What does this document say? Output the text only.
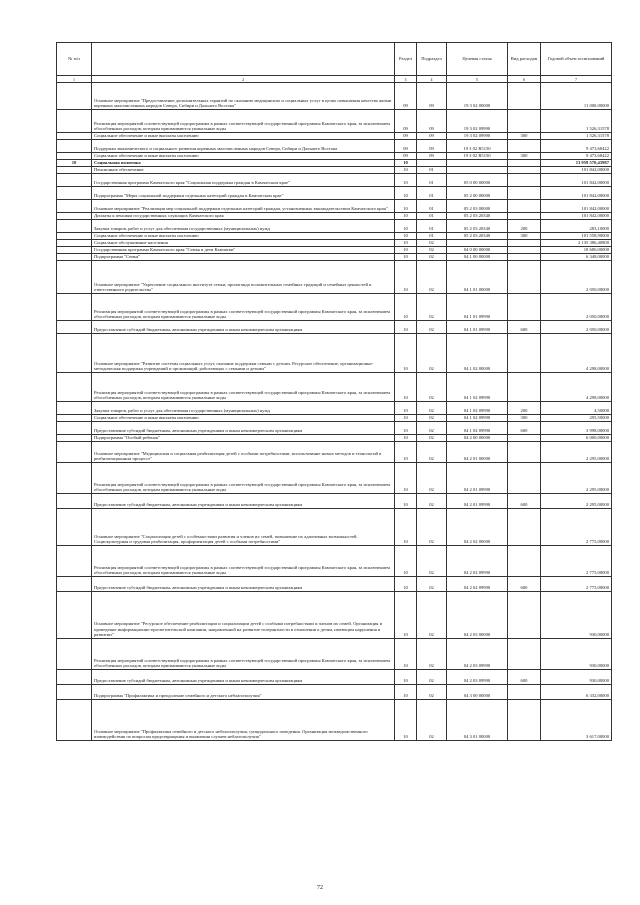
№ п/п		Раздел	Подраздел	Целевая статья	Вид расходов	Годовой объем ассигнований
1	2	3	4	5	6	7
	Основное мероприятие "Предоставление дополнительных гарантий по оказанию медицинских и социальных услуг в целях повышения качества жизни коренных малочисленных народов Севера, Сибири и Дальнего Востока"	09	09	19 3 02 00000		11 000,00000
	Реализация мероприятий соответствующей подпрограммы в рамках соответствующей государственной программы Камчатского края, за исключением обособленных расходов, которым присваиваются уникальные коды	09	09	19 3 02 09990		1 526,31578
	Социальное обеспечение и иные выплаты населению	09	09	19 3 02 09990	300	1 526,31578
	Поддержка экономического и социального развития коренных малочисленных народов Севера, Сибири и Дальнего Востока	09	09	19 3 02 R5150		9 473,68422
	Социальное обеспечение и иные выплаты населению	09	09	19 3 02 R5150	300	9 473,68422
10	Социальная политика	10				13 959 570,43987
	Пенсионное обеспечение	10	01			101 842,00000
	Государственная программа Камчатского края "Социальная поддержка граждан в Камчатском крае"	10	01	05 0 00 00000		101 842,00000
	Подпрограмма "Меры социальной поддержки отдельных категорий граждан в Камчатском крае"	10	01	05 2 00 00000		101 842,00000
	Основное мероприятие "Реализация мер социальной поддержки отдельных категорий граждан, установленных законодательством Камчатского края"	10	01	05 2 03 00000		101 842,00000
	Доплаты к пенсиям государственных служащих Камчатского края	10	01	05 2 03 20340		101 842,00000
	Закупка товаров, работ и услуг для обеспечения государственных (муниципальных) нужд	10	01	05 2 03 20340	200	283,10000
	Социальное обеспечение и иные выплаты населению	10	01	05 2 03 20340	300	101 558,90000
	Социальное обслуживание населения	10	02			2 135 386,40800
	Государственная программа Камчатского края "Семья и дети Камчатки"	10	02	04 0 00 00000		18 680,00000
	Подпрограмма "Семья"	10	02	04 1 00 00000		6 348,00000
	Основное мероприятие "Укрепление социального института семьи, пропаганда положительных семейных традиций и семейных ценностей и ответственного родительства"	10	02	04 1 01 00000		2 050,00000
	Реализация мероприятий соответствующей подпрограммы в рамках соответствующей государственной программы Камчатского края, за исключением обособленных расходов, которым присваиваются уникальные коды	10	02	04 1 01 09990		2 050,00000
	Предоставление субсидий бюджетным, автономным учреждениям и иным некоммерческим организациям	10	02	04 1 01 09990	600	2 050,00000
	Основное мероприятие "Развитие системы социальных услуг, оказание поддержки семьям с детьми. Ресурсное обеспечение, организационно-методическая поддержка учреждений и организаций, работающих с семьями и детьми"	10	02	04 1 02 00000		4 298,00000
	Реализация мероприятий соответствующей подпрограммы в рамках соответствующей государственной программы Камчатского края, за исключением обособленных расходов, которым присваиваются уникальные коды	10	02	04 1 02 09990		4 298,00000
	Закупка товаров, работ и услуг для обеспечения государственных (муниципальных) нужд	10	02	04 1 02 09990	200	4,50000
	Социальное обеспечение и иные выплаты населению	10	02	04 1 02 09990	300	295,50000
	Предоставление субсидий бюджетным, автономным учреждениям и иным некоммерческим организациям	10	02	04 1 02 09990	600	3 998,00000
	Подпрограмма "Особый ребенок"	10	02	04 2 00 00000		6 000,00000
	Основное мероприятие "Медицинская и социальная реабилитация детей с особыми потребностями, использование новых методов и технологий в реабилитационном процессе"	10	02	04 2 01 00000		2 295,00000
	Реализация мероприятий соответствующей подпрограммы в рамках соответствующей государственной программы Камчатского края, за исключением обособленных расходов, которым присваиваются уникальные коды	10	02	04 2 01 09990		2 295,00000
	Предоставление субсидий бюджетным, автономным учреждениям и иным некоммерческим организациям	10	02	04 2 01 09990	600	2 295,00000
	Основное мероприятие "Социализация детей с особенностями развития и членов их семей, повышение их адаптивных возможностей. Социокультурная и трудовая реабилитация, профориентация детей с особыми потребностями"	10	02	04 2 02 00000		2 775,00000
	Реализация мероприятий соответствующей подпрограммы в рамках соответствующей государственной программы Камчатского края, за исключением обособленных расходов, которым присваиваются уникальные коды	10	02	04 2 02 09990		2 775,00000
	Предоставление субсидий бюджетным, автономным учреждениям и иным некоммерческим организациям	10	02	04 2 02 09990	600	2 775,00000
	Основное мероприятие "Ресурсное обеспечение реабилитации и социализации детей с особыми потребностями и членов их семей. Организация и проведение информационно-просветительской кампании, направленной на развитие толерантности в отношении к детям, имеющим нарушения в развитии"	10	02	04 2 03 00000		930,00000
	Реализация мероприятий соответствующей подпрограммы в рамках соответствующей государственной программы Камчатского края, за исключением обособленных расходов, которым присваиваются уникальные коды	10	02	04 2 03 09990		930,00000
	Предоставление субсидий бюджетным, автономным учреждениям и иным некоммерческим организациям	10	02	04 2 03 09990	600	930,00000
	Подпрограмма "Профилактика и преодоление семейного и детского неблагополучия"	10	02	04 3 00 00000		6 332,00000
	Основное мероприятие "Профилактика семейного и детского неблагополучия, суицидального поведения. Организация межведомственного взаимодействия по вопросам предотвращения и выявления случаев неблагополучия"	10	02	04 3 01 00000		3 617,00000
72
